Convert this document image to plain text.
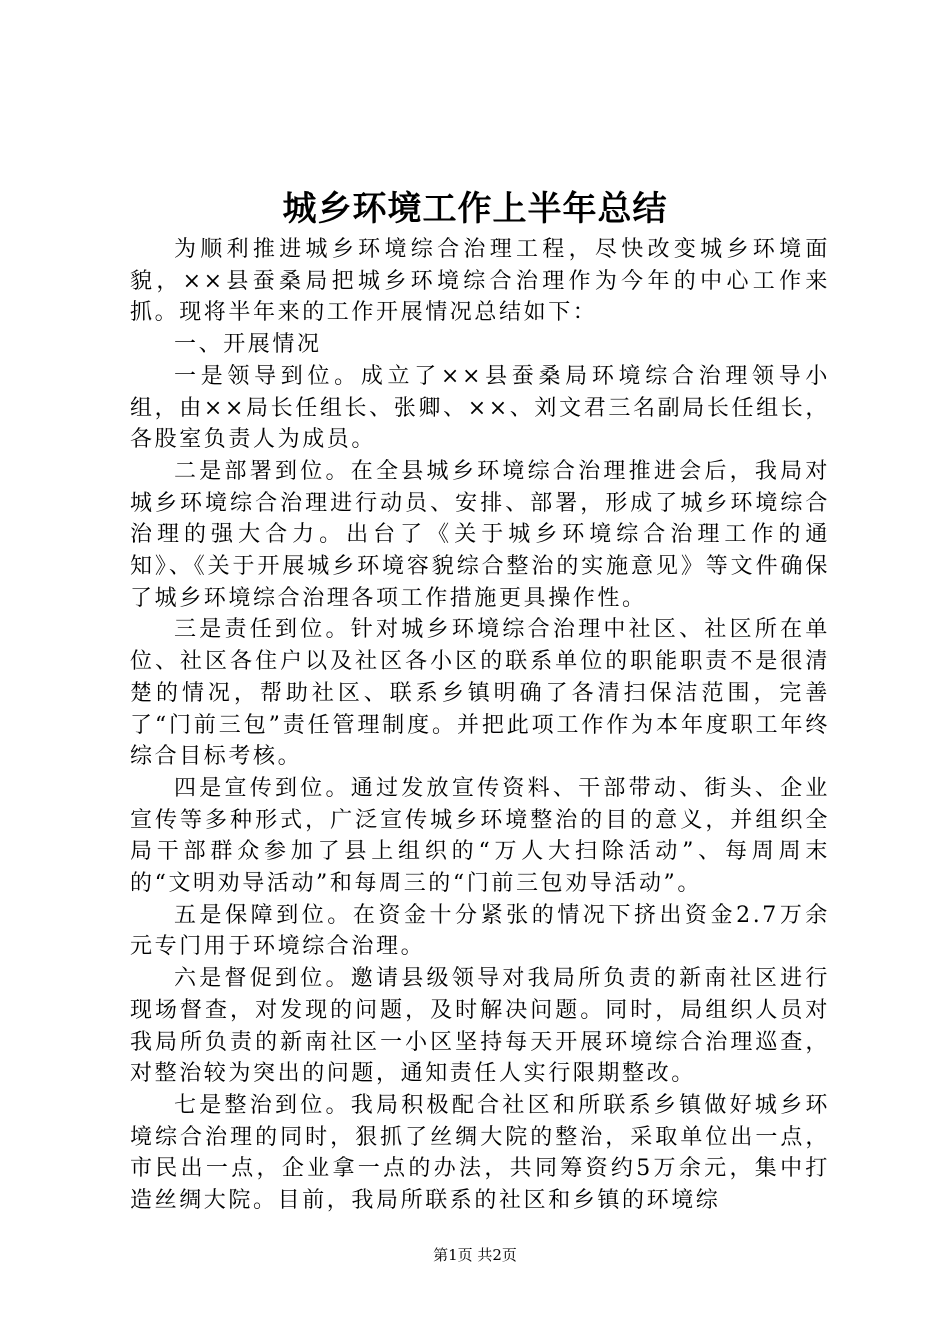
城乡环境工作上半年总结

为顺利推进城乡环境综合治理工程，尽快改变城乡环境面貌，××县蚕桑局把城乡环境综合治理作为今年的中心工作来抓。现将半年来的工作开展情况总结如下：

一、开展情况

一是领导到位。成立了××县蚕桑局环境综合治理领导小组，由××局长任组长、张卿、××、刘文君三名副局长任组长，各股室负责人为成员。

二是部署到位。在全县城乡环境综合治理推进会后，我局对城乡环境综合治理进行动员、安排、部署，形成了城乡环境综合治理的强大合力。出台了《关于城乡环境综合治理工作的通知》、《关于开展城乡环境容貌综合整治的实施意见》等文件确保了城乡环境综合治理各项工作措施更具操作性。

三是责任到位。针对城乡环境综合治理中社区、社区所在单位、社区各住户以及社区各小区的联系单位的职能职责不是很清楚的情况，帮助社区、联系乡镇明确了各清扫保洁范围，完善了“门前三包”责任管理制度。并把此项工作作为本年度职工年终综合目标考核。

四是宣传到位。通过发放宣传资料、干部带动、街头、企业宣传等多种形式，广泛宣传城乡环境整治的目的意义，并组织全局干部群众参加了县上组织的“万人大扫除活动”、每周周末的“文明劝导活动”和每周三的“门前三包劝导活动”。

五是保障到位。在资金十分紧张的情况下挤出资金2.7万余元专门用于环境综合治理。

六是督促到位。邀请县级领导对我局所负责的新南社区进行现场督查，对发现的问题，及时解决问题。同时，局组织人员对我局所负责的新南社区一小区坚持每天开展环境综合治理巡查，对整治较为突出的问题，通知责任人实行限期整改。

七是整治到位。我局积极配合社区和所联系乡镇做好城乡环境综合治理的同时，狠抓了丝绸大院的整治，采取单位出一点，市民出一点，企业拿一点的办法，共同筹资约5万余元，集中打造丝绸大院。目前，我局所联系的社区和乡镇的环境综

第1页 共2页
